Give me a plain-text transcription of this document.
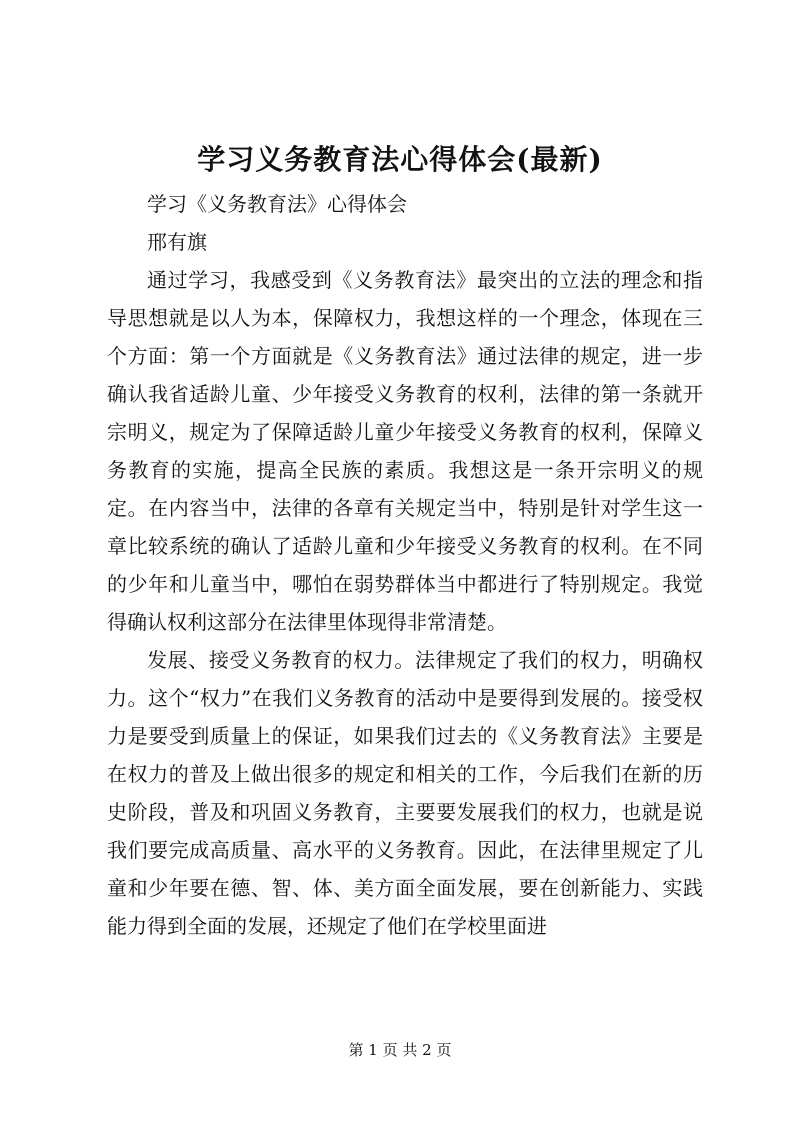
学习义务教育法心得体会(最新)

学习《义务教育法》心得体会

邢有旗

通过学习，我感受到《义务教育法》最突出的立法的理念和指导思想就是以人为本，保障权力，我想这样的一个理念，体现在三个方面：第一个方面就是《义务教育法》通过法律的规定，进一步确认我省适龄儿童、少年接受义务教育的权利，法律的第一条就开宗明义，规定为了保障适龄儿童少年接受义务教育的权利，保障义务教育的实施，提高全民族的素质。我想这是一条开宗明义的规定。在内容当中，法律的各章有关规定当中，特别是针对学生这一章比较系统的确认了适龄儿童和少年接受义务教育的权利。在不同的少年和儿童当中，哪怕在弱势群体当中都进行了特别规定。我觉得确认权利这部分在法律里体现得非常清楚。

发展、接受义务教育的权力。法律规定了我们的权力，明确权力。这个“权力”在我们义务教育的活动中是要得到发展的。接受权力是要受到质量上的保证，如果我们过去的《义务教育法》主要是在权力的普及上做出很多的规定和相关的工作，今后我们在新的历史阶段，普及和巩固义务教育，主要要发展我们的权力，也就是说我们要完成高质量、高水平的义务教育。因此，在法律里规定了儿童和少年要在德、智、体、美方面全面发展，要在创新能力、实践能力得到全面的发展，还规定了他们在学校里面进

第 1 页 共 2 页
